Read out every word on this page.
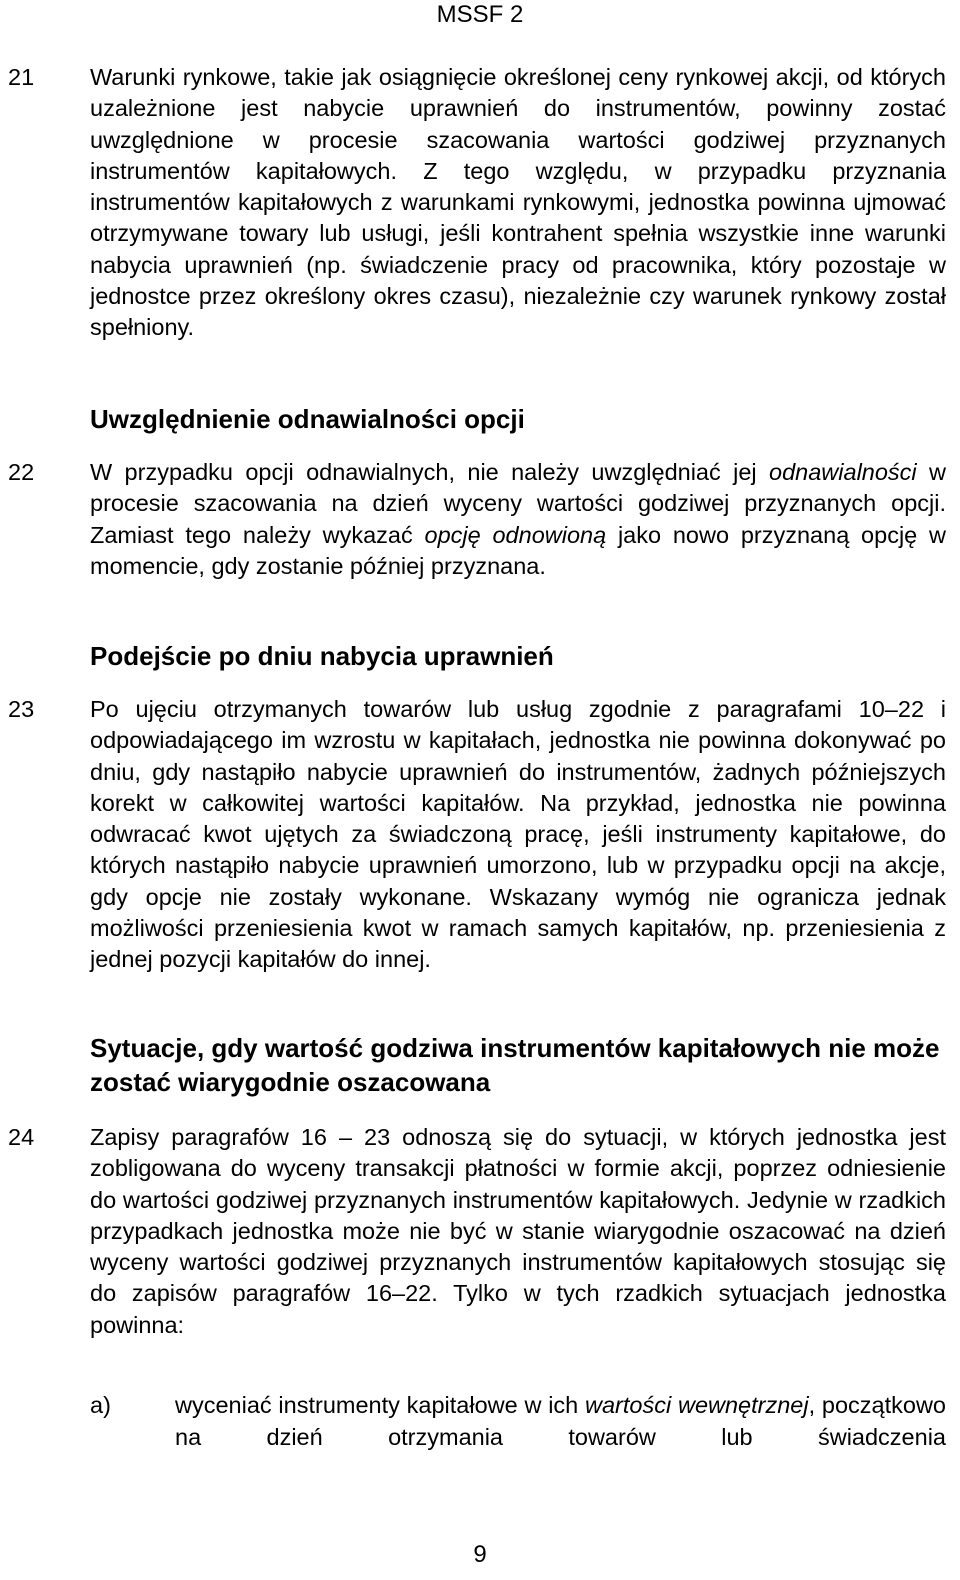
MSSF 2
21 Warunki rynkowe, takie jak osiągnięcie określonej ceny rynkowej akcji, od których uzależnione jest nabycie uprawnień do instrumentów, powinny zostać uwzględnione w procesie szacowania wartości godziwej przyznanych instrumentów kapitałowych. Z tego względu, w przypadku przyznania instrumentów kapitałowych z warunkami rynkowymi, jednostka powinna ujmować otrzymywane towary lub usługi, jeśli kontrahent spełnia wszystkie inne warunki nabycia uprawnień (np. świadczenie pracy od pracownika, który pozostaje w jednostce przez określony okres czasu), niezależnie czy warunek rynkowy został spełniony.
Uwzględnienie odnawialności opcji
22 W przypadku opcji odnawialnych, nie należy uwzględniać jej odnawialności w procesie szacowania na dzień wyceny wartości godziwej przyznanych opcji. Zamiast tego należy wykazać opcję odnowioną jako nowo przyznaną opcję w momencie, gdy zostanie później przyznana.
Podejście po dniu nabycia uprawnień
23 Po ujęciu otrzymanych towarów lub usług zgodnie z paragrafami 10–22 i odpowiadającego im wzrostu w kapitałach, jednostka nie powinna dokonywać po dniu, gdy nastąpiło nabycie uprawnień do instrumentów, żadnych późniejszych korekt w całkowitej wartości kapitałów. Na przykład, jednostka nie powinna odwracać kwot ujętych za świadczoną pracę, jeśli instrumenty kapitałowe, do których nastąpiło nabycie uprawnień umorzono, lub w przypadku opcji na akcje, gdy opcje nie zostały wykonane. Wskazany wymóg nie ogranicza jednak możliwości przeniesienia kwot w ramach samych kapitałów, np. przeniesienia z jednej pozycji kapitałów do innej.
Sytuacje, gdy wartość godziwa instrumentów kapitałowych nie może zostać wiarygodnie oszacowana
24 Zapisy paragrafów 16 – 23 odnoszą się do sytuacji, w których jednostka jest zobligowana do wyceny transakcji płatności w formie akcji, poprzez odniesienie do wartości godziwej przyznanych instrumentów kapitałowych. Jedynie w rzadkich przypadkach jednostka może nie być w stanie wiarygodnie oszacować na dzień wyceny wartości godziwej przyznanych instrumentów kapitałowych stosując się do zapisów paragrafów 16–22. Tylko w tych rzadkich sytuacjach jednostka powinna:
a)	wyceniać instrumenty kapitałowe w ich wartości wewnętrznej, początkowo na dzień otrzymania towarów lub świadczenia
9
